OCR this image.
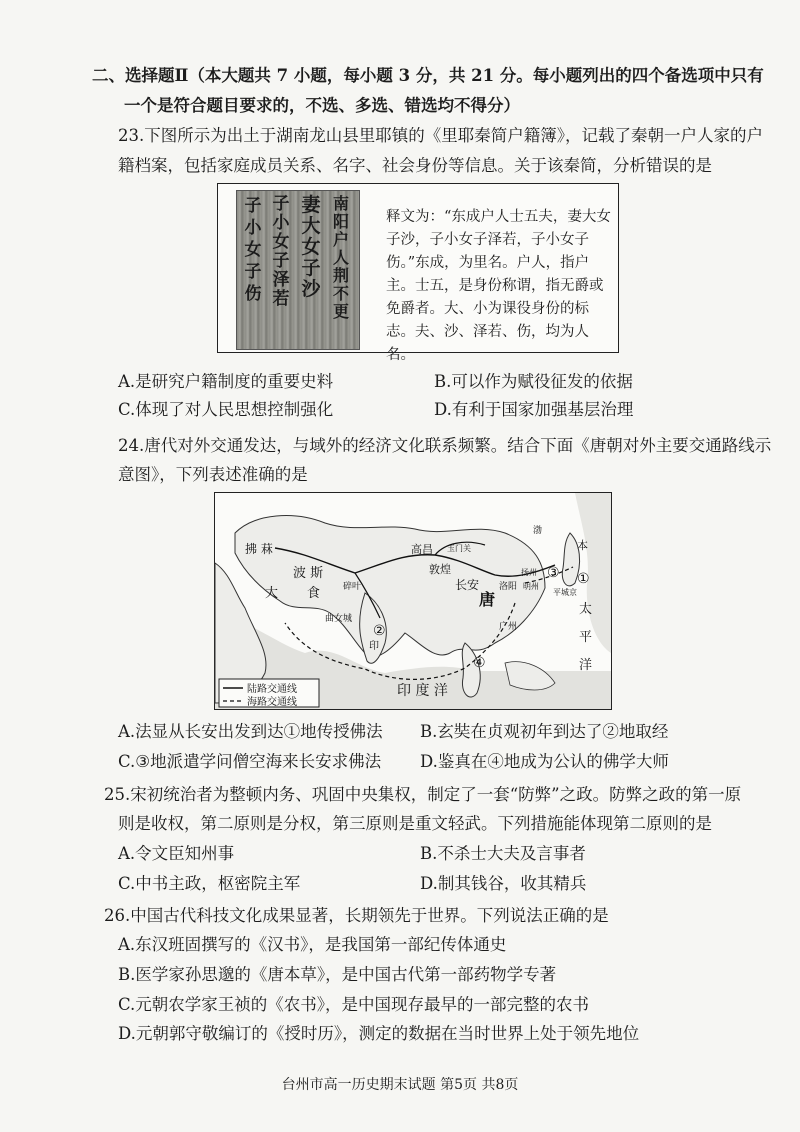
二、选择题Ⅱ（本大题共 7 小题，每小题 3 分，共 21 分。每小题列出的四个备选项中只有
一个是符合题目要求的，不选、多选、错选均不得分）
23.下图所示为出土于湖南龙山县里耶镇的《里耶秦简户籍簿》，记载了秦朝一户人家的户
籍档案，包括家庭成员关系、名字、社会身份等信息。关于该秦简，分析错误的是
南阳户人荆不更
妻大女子沙
子小女子泽若
子小女子伤
释文为：“东成户人士五夫，妻大女子沙，子小女子泽若，子小女子伤。”东成，为里名。户人，指户主。士五，是身份称谓，指无爵或免爵者。大、小为课役身份的标志。夫、沙、泽若、伤，均为人名。
A.是研究户籍制度的重要史料	B.可以作为赋役征发的依据
C.体现了对人民思想控制强化	D.有利于国家加强基层治理
24.唐代对外交通发达，与域外的经济文化联系频繁。结合下面《唐朝对外主要交通路线示
意图》，下列表述准确的是
拂 菻
波 斯
大 食	碎叶
曲女城
高昌 玉门关
敦煌
长安
唐
洛阳
扬州
明州
广州
渤
本
平城京
太
平
洋
印 度 洋
印
①
②
③
④
陆路交通线
海路交通线
A.法显从长安出发到达①地传授佛法 B.玄奘在贞观初年到达了②地取经
C.③地派遣学问僧空海来长安求佛法 D.鉴真在④地成为公认的佛学大师
25.宋初统治者为整顿内务、巩固中央集权，制定了一套“防弊”之政。防弊之政的第一原
则是收权，第二原则是分权，第三原则是重文轻武。下列措施能体现第二原则的是
A.令文臣知州事	B.不杀士大夫及言事者
C.中书主政，枢密院主军	D.制其钱谷，收其精兵
26.中国古代科技文化成果显著，长期领先于世界。下列说法正确的是
A.东汉班固撰写的《汉书》，是我国第一部纪传体通史
B.医学家孙思邈的《唐本草》，是中国古代第一部药物学专著
C.元朝农学家王祯的《农书》，是中国现存最早的一部完整的农书
D.元朝郭守敬编订的《授时历》，测定的数据在当时世界上处于领先地位
台州市高一历史期末试题 第5页 共8页
